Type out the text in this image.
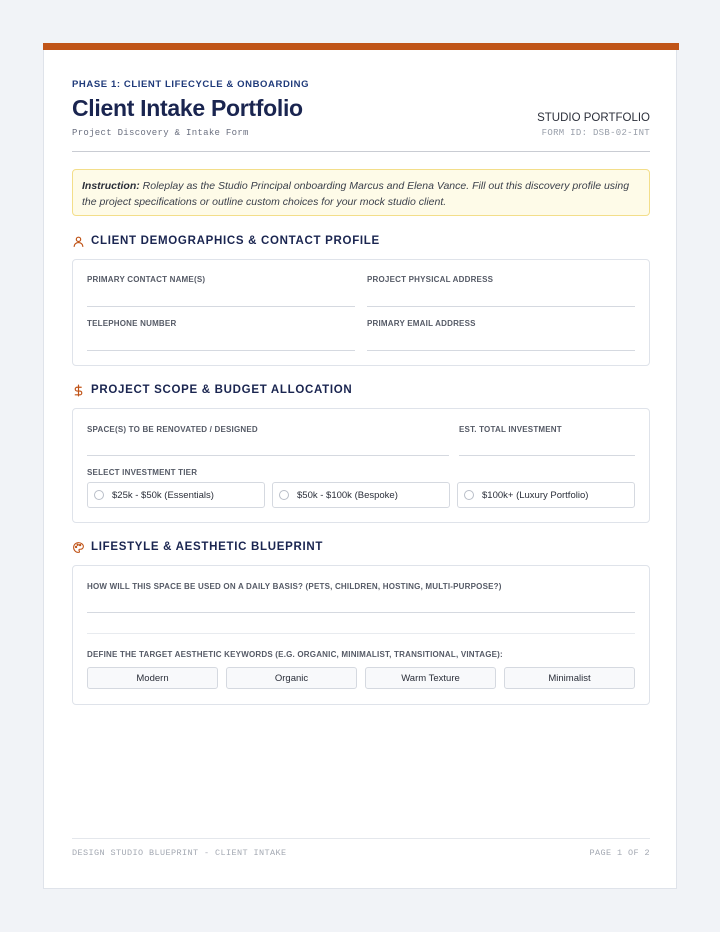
PHASE 1: CLIENT LIFECYCLE & ONBOARDING
Client Intake Portfolio
Project Discovery & Intake Form
STUDIO PORTFOLIO
FORM ID: DSB-02-INT
Instruction: Roleplay as the Studio Principal onboarding Marcus and Elena Vance. Fill out this discovery profile using the project specifications or outline custom choices for your mock studio client.
CLIENT DEMOGRAPHICS & CONTACT PROFILE
PRIMARY CONTACT NAME(S)	PROJECT PHYSICAL ADDRESS
TELEPHONE NUMBER	PRIMARY EMAIL ADDRESS
PROJECT SCOPE & BUDGET ALLOCATION
SPACE(S) TO BE RENOVATED / DESIGNED	EST. TOTAL INVESTMENT
SELECT INVESTMENT TIER
$25k - $50k (Essentials)	$50k - $100k (Bespoke)	$100k+ (Luxury Portfolio)
LIFESTYLE & AESTHETIC BLUEPRINT
HOW WILL THIS SPACE BE USED ON A DAILY BASIS? (PETS, CHILDREN, HOSTING, MULTI-PURPOSE?)
DEFINE THE TARGET AESTHETIC KEYWORDS (E.G. ORGANIC, MINIMALIST, TRANSITIONAL, VINTAGE):
Modern	Organic	Warm Texture	Minimalist
DESIGN STUDIO BLUEPRINT - CLIENT INTAKE	PAGE 1 OF 2
